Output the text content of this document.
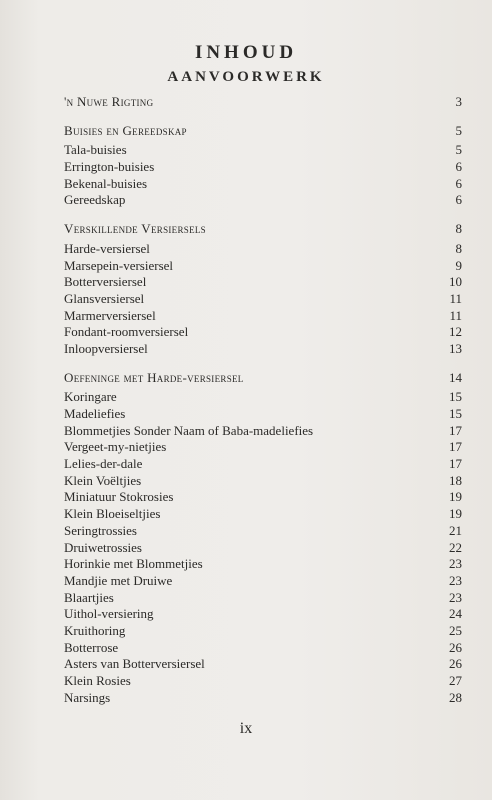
INHOUD
AANVOORWERK
'n Nuwe Rigting	3
Buisies en Gereedskap	5
Tala-buisies	5
Errington-buisies	6
Bekenal-buisies	6
Gereedskap	6
Verskillende Versiersels	8
Harde-versiersel	8
Marsepein-versiersel	9
Botterversiersel	10
Glansversiersel	11
Marmerversiersel	11
Fondant-roomversiersel	12
Inloopversiersel	13
Oefeninge met Harde-versiersel	14
Koringare	15
Madeliefies	15
Blommetjies Sonder Naam of Baba-madeliefies	17
Vergeet-my-nietjies	17
Lelies-der-dale	17
Klein Voëltjies	18
Miniatuur Stokrosies	19
Klein Bloeiseltjies	19
Seringtrossies	21
Druiwetrossies	22
Horinkie met Blommetjies	23
Mandjie met Druiwe	23
Blaartjies	23
Uithol-versiering	24
Kruithoring	25
Botterrose	26
Asters van Botterversiersel	26
Klein Rosies	27
Narsings	28
ix
